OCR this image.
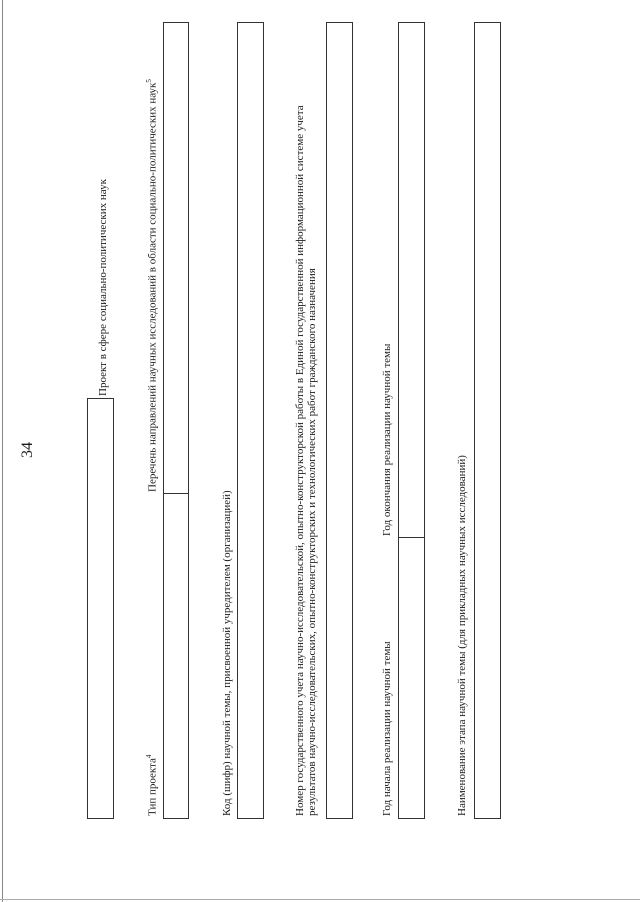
34
Проект в сфере социально-политических наук
Тип проекта$^4$
Перечень направлений научных исследований в области социально-политических наук$^5$
Код (шифр) научной темы, присвоенной учредителем (организацией)	Номер государственного учета научно-исследовательской, опытно-конструкторской работы в Единой государственной информационной системе учета результатов научно-исследовательских, опытно-конструкторских и технологических работ гражданского назначения	Год начала реализации научной темы
Год окончания реализации научной темы
Наименование этапа научной темы (для прикладных научных исследований)
